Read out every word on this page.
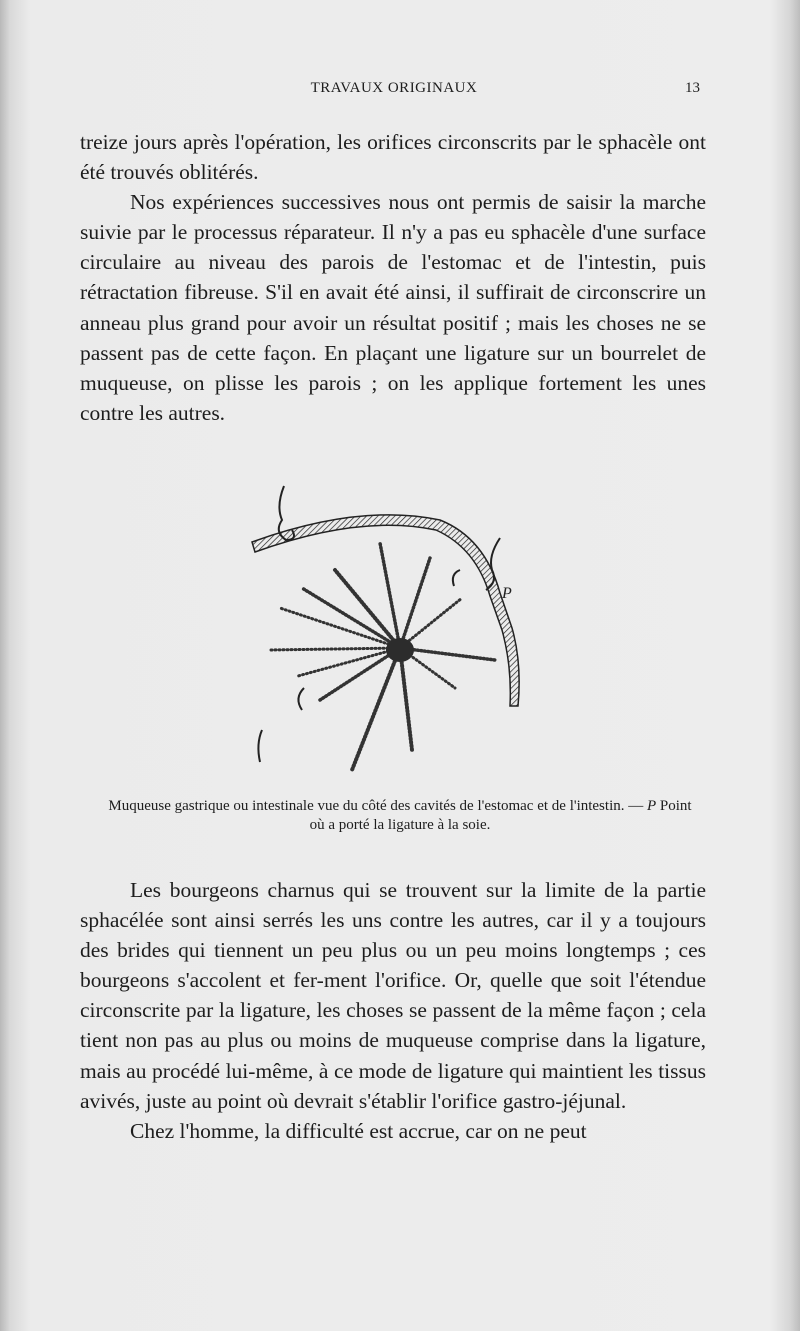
TRAVAUX ORIGINAUX	13

treize jours après l'opération, les orifices circonscrits par le sphacèle ont été trouvés oblitérés.

Nos expériences successives nous ont permis de saisir la marche suivie par le processus réparateur. Il n'y a pas eu sphacèle d'une surface circulaire au niveau des parois de l'estomac et de l'intestin, puis rétractation fibreuse. S'il en avait été ainsi, il suffirait de circonscrire un anneau plus grand pour avoir un résultat positif ; mais les choses ne se passent pas de cette façon. En plaçant une ligature sur un bourrelet de muqueuse, on plisse les parois ; on les applique fortement les unes contre les autres.

P
Muqueuse gastrique ou intestinale vue du côté des cavités de l'estomac et de l'intestin. — P Point où a porté la ligature à la soie.

Les bourgeons charnus qui se trouvent sur la limite de la partie sphacélée sont ainsi serrés les uns contre les autres, car il y a toujours des brides qui tiennent un peu plus ou un peu moins longtemps ; ces bourgeons s'accolent et fer-ment l'orifice. Or, quelle que soit l'étendue circonscrite par la ligature, les choses se passent de la même façon ; cela tient non pas au plus ou moins de muqueuse comprise dans la ligature, mais au procédé lui-même, à ce mode de ligature qui maintient les tissus avivés, juste au point où devrait s'établir l'orifice gastro-jéjunal.

Chez l'homme, la difficulté est accrue, car on ne peut
